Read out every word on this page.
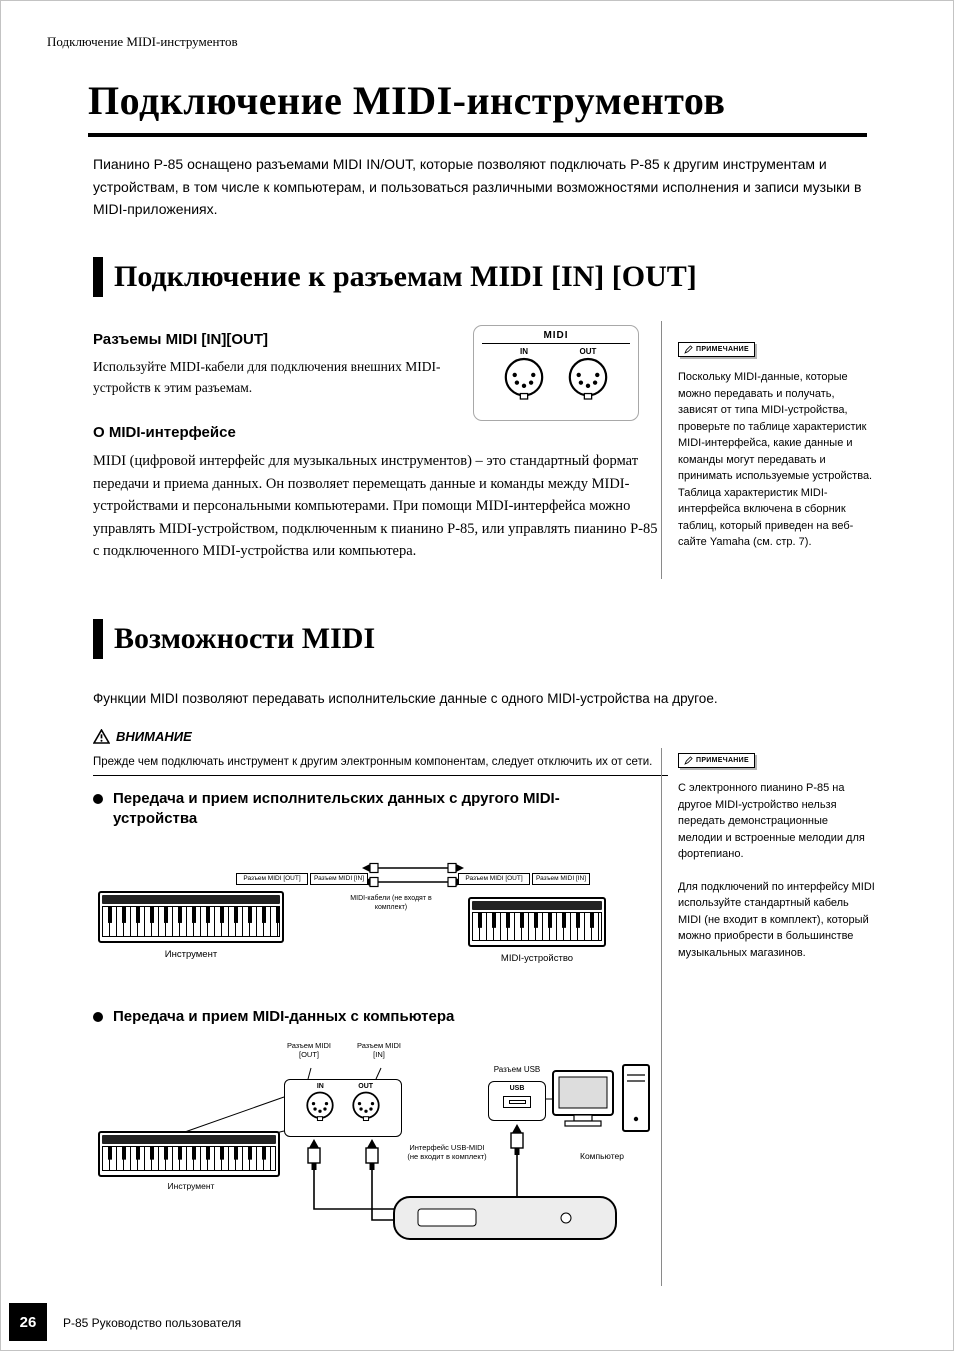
Подключение MIDI-инструментов
Подключение MIDI-инструментов

Пианино P-85 оснащено разъемами MIDI IN/OUT, которые позволяют подключать P-85 к другим инструментам и устройствам, в том числе к компьютерам, и пользоваться различными возможностями исполнения и записи музыки в MIDI-приложениях.

Подключение к разъемам MIDI [IN] [OUT]
Разъемы MIDI [IN][OUT]

Используйте MIDI-кабели для подключения внешних MIDI-устройств к этим разъемам.

MIDI
IN	OUT	ПРИМЕЧАНИЕ

Поскольку MIDI-данные, которые можно передавать и получать, зависят от типа MIDI-устройства, проверьте по таблице характеристик MIDI-интерфейса, какие данные и команды могут передавать и принимать используемые устройства. Таблица характеристик MIDI-интерфейса включена в сборник таблиц, который приведен на веб-сайте Yamaha (см. стр. 7).

О MIDI-интерфейсе

MIDI (цифровой интерфейс для музыкальных инструментов) – это стандартный формат передачи и приема данных. Он позволяет перемещать данные и команды между MIDI-устройствами и персональными компьютерами. При помощи MIDI-интерфейса можно управлять MIDI-устройством, подключенным к пианино P-85, или управлять пианино P-85 с подключенного MIDI-устройства или компьютера.

Возможности MIDI

Функции MIDI позволяют передавать исполнительские данные с одного MIDI-устройства на другое.

ВНИМАНИЕ

Прежде чем подключать инструмент к другим электронным компонентам, следует отключить их от сети.

Передача и прием исполнительских данных с другого MIDI-устройства
ПРИМЕЧАНИЕ

С электронного пианино P-85 на другое MIDI-устройство нельзя передать демонстрационные мелодии и встроенные мелодии для фортепиано.

Для подключений по интерфейсу MIDI используйте стандартный кабель MIDI (не входит в комплект), который можно приобрести в большинстве музыкальных магазинов.

Разъем MIDI [OUT]	Разъем MIDI [IN]	Разъем MIDI [OUT]	Разъем MIDI [IN]
MIDI-кабели (не входят в комплект)
Инструмент	MIDI-устройство
Передача и прием MIDI-данных с компьютера
Разъем MIDI [OUT]
Разъем MIDI [IN]
IN	OUT
Разъем USB
USB
Компьютер
Инструмент
Интерфейс USB-MIDI (не входит в комплект)
26	P-85 Руководство пользователя
